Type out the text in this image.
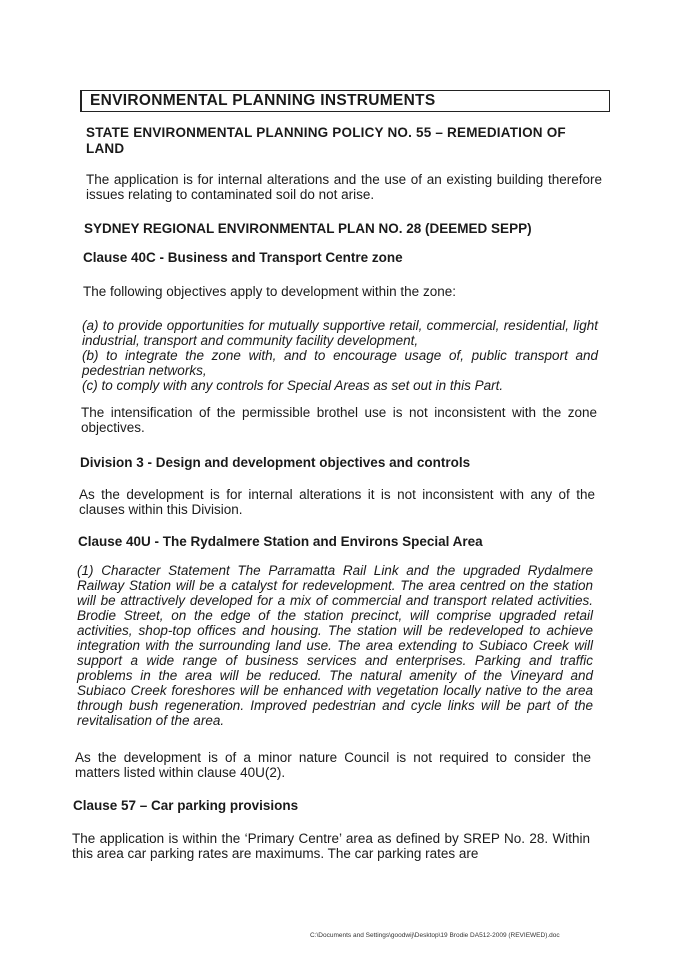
ENVIRONMENTAL PLANNING INSTRUMENTS

STATE ENVIRONMENTAL PLANNING POLICY NO. 55 – REMEDIATION OF LAND

The application is for internal alterations and the use of an existing building therefore issues relating to contaminated soil do not arise.

SYDNEY REGIONAL ENVIRONMENTAL PLAN NO. 28 (DEEMED SEPP)

Clause 40C - Business and Transport Centre zone

The following objectives apply to development within the zone:

(a) to provide opportunities for mutually supportive retail, commercial, residential, light industrial, transport and community facility development,
(b) to integrate the zone with, and to encourage usage of, public transport and pedestrian networks,
(c) to comply with any controls for Special Areas as set out in this Part.

The intensification of the permissible brothel use is not inconsistent with the zone objectives.

Division 3 - Design and development objectives and controls

As the development is for internal alterations it is not inconsistent with any of the clauses within this Division.

Clause 40U - The Rydalmere Station and Environs Special Area

(1) Character Statement The Parramatta Rail Link and the upgraded Rydalmere Railway Station will be a catalyst for redevelopment. The area centred on the station will be attractively developed for a mix of commercial and transport related activities. Brodie Street, on the edge of the station precinct, will comprise upgraded retail activities, shop-top offices and housing. The station will be redeveloped to achieve integration with the surrounding land use. The area extending to Subiaco Creek will support a wide range of business services and enterprises. Parking and traffic problems in the area will be reduced. The natural amenity of the Vineyard and Subiaco Creek foreshores will be enhanced with vegetation locally native to the area through bush regeneration. Improved pedestrian and cycle links will be part of the revitalisation of the area.

As the development is of a minor nature Council is not required to consider the matters listed within clause 40U(2).

Clause 57 – Car parking provisions

The application is within the ‘Primary Centre’ area as defined by SREP No. 28. Within this area car parking rates are maximums. The car parking rates are

C:\Documents and Settings\goodwij\Desktop\19 Brodie DA512-2009 (REVIEWED).doc
